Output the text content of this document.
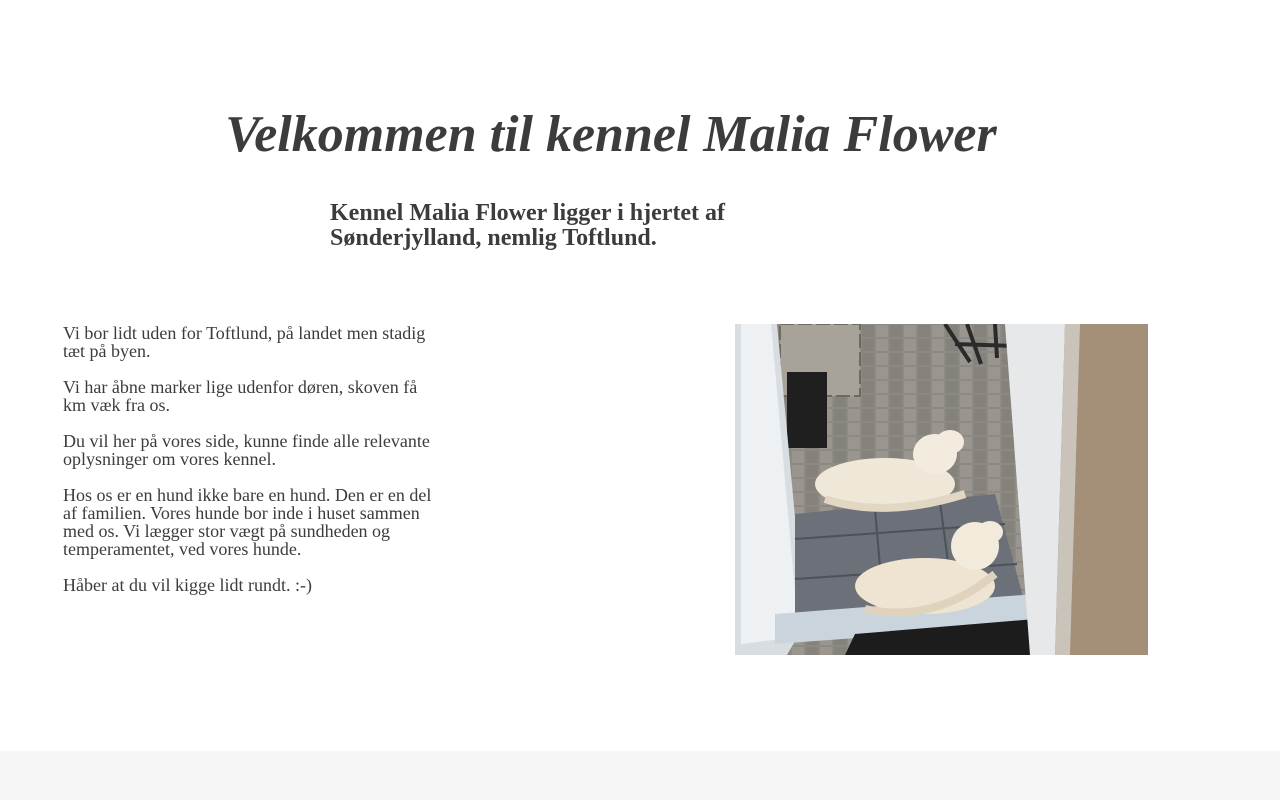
Velkommen til kennel Malia Flower
Kennel Malia Flower ligger i hjertet af Sønderjylland, nemlig Toftlund.

Vi bor lidt uden for Toftlund, på landet men stadig tæt på byen.

Vi har åbne marker lige udenfor døren, skoven få km væk fra os.

Du vil her på vores side, kunne finde alle relevante oplysninger om vores kennel.

Hos os er en hund ikke bare en hund. Den er en del af familien. Vores hunde bor inde i huset sammen med os. Vi lægger stor vægt på sundheden og temperamentet, ved vores hunde.

Håber at du vil kigge lidt rundt. :-)
